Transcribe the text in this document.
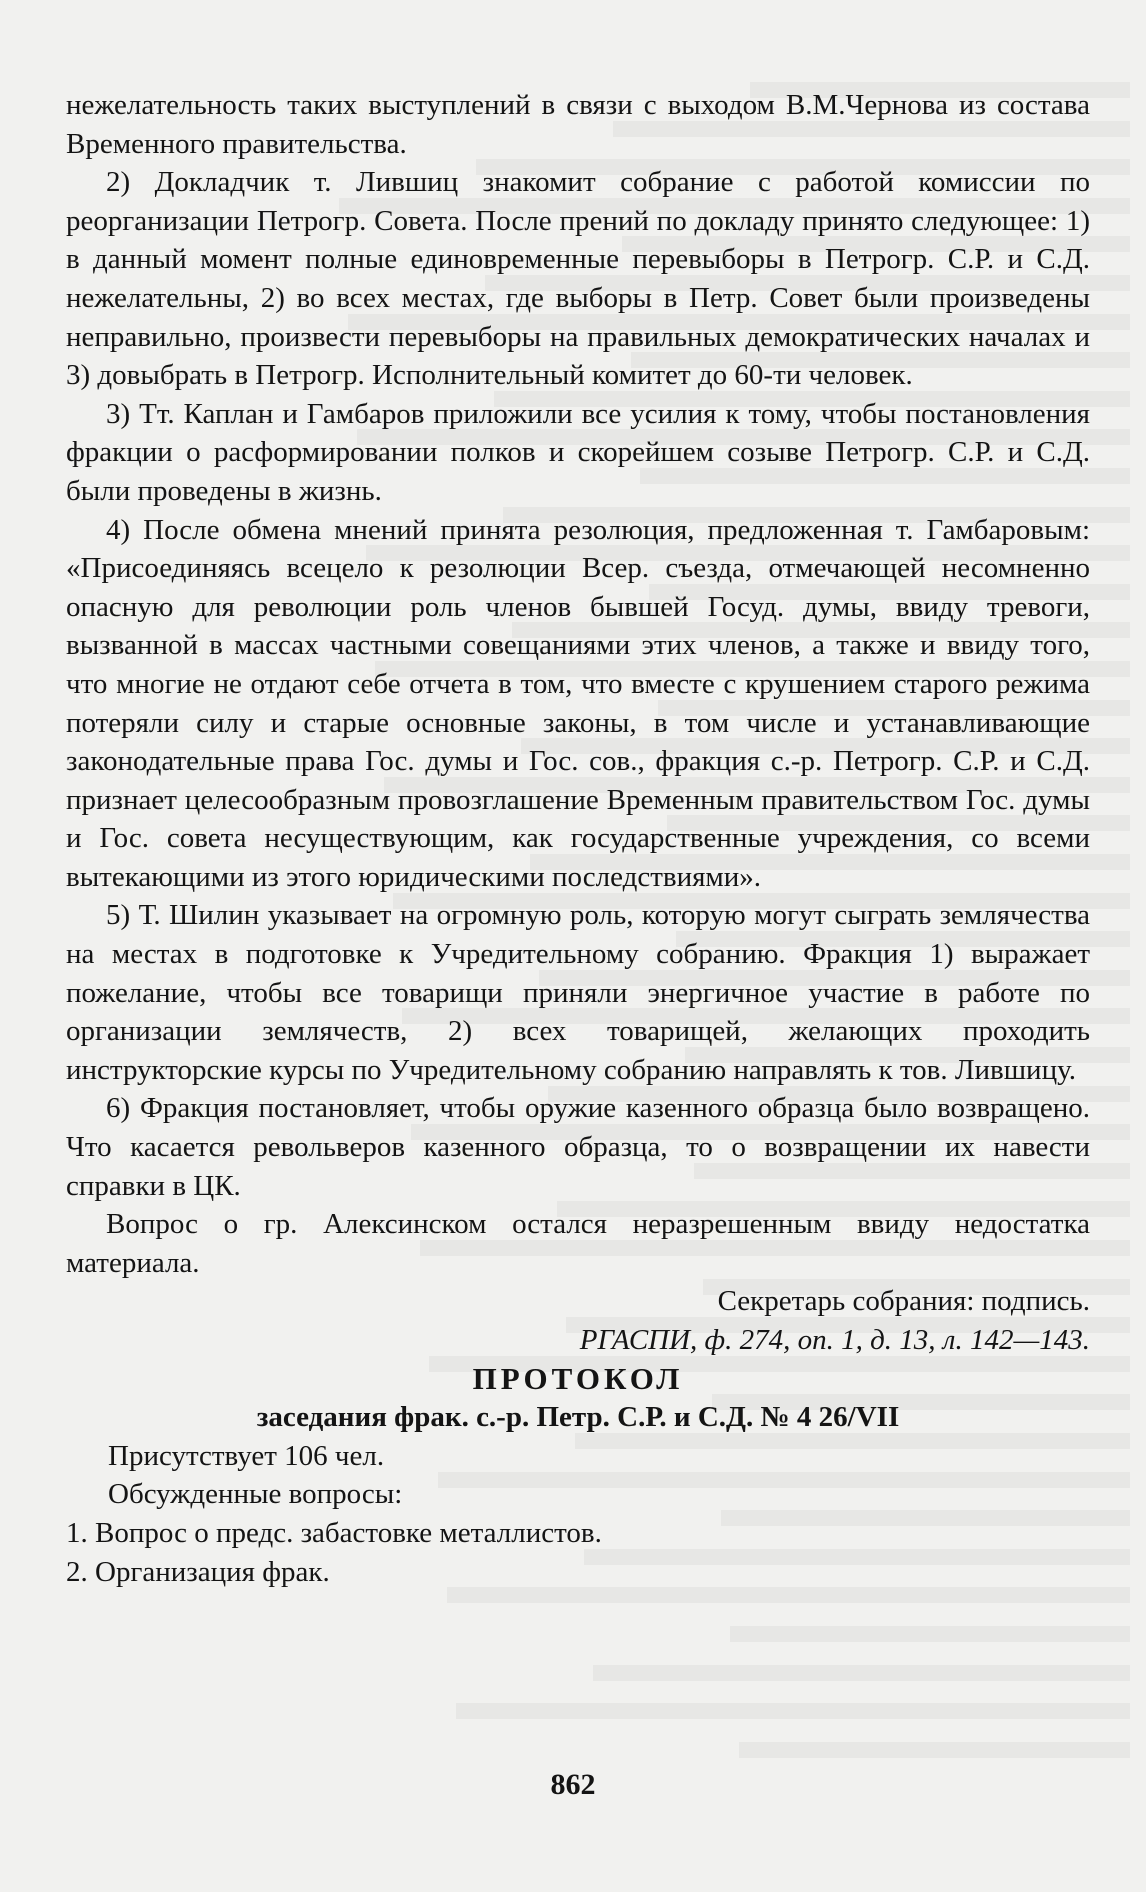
нежелательность таких выступлений в связи с выходом В.М.Чернова из состава Временного правительства.

2) Докладчик т. Лившиц знакомит собрание с работой комиссии по реорганизации Петрогр. Совета. После прений по докладу принято следующее: 1) в данный момент полные единовременные перевыборы в Петрогр. С.Р. и С.Д. нежелательны, 2) во всех местах, где выборы в Петр. Совет были произведены неправильно, произвести перевыборы на правильных демократических началах и 3) довыбрать в Петрогр. Исполнительный комитет до 60-ти человек.

3) Тт. Каплан и Гамбаров приложили все усилия к тому, чтобы постановления фракции о расформировании полков и скорейшем созыве Петрогр. С.Р. и С.Д. были проведены в жизнь.

4) После обмена мнений принята резолюция, предложенная т. Гамбаровым: «Присоединяясь всецело к резолюции Всер. съезда, отмечающей несомненно опасную для революции роль членов бывшей Госуд. думы, ввиду тревоги, вызванной в массах частными совещаниями этих членов, а также и ввиду того, что многие не отдают себе отчета в том, что вместе с крушением старого режима потеряли силу и старые основные законы, в том числе и устанавливающие законодательные права Гос. думы и Гос. сов., фракция с.-р. Петрогр. С.Р. и С.Д. признает целесообразным провозглашение Временным правительством Гос. думы и Гос. совета несуществующим, как государственные учреждения, со всеми вытекающими из этого юридическими последствиями».

5) Т. Шилин указывает на огромную роль, которую могут сыграть землячества на местах в подготовке к Учредительному собранию. Фракция 1) выражает пожелание, чтобы все товарищи приняли энергичное участие в работе по организации землячеств, 2) всех товарищей, желающих проходить инструкторские курсы по Учредительному собранию направлять к тов. Лившицу.

6) Фракция постановляет, чтобы оружие казенного образца было возвращено. Что касается револьверов казенного образца, то о возвращении их навести справки в ЦК.

Вопрос о гр. Алексинском остался неразрешенным ввиду недостатка материала.

Секретарь собрания: подпись.

РГАСПИ, ф. 274, оп. 1, д. 13, л. 142—143.

ПРОТОКОЛ

заседания фрак. с.-р. Петр. С.Р. и С.Д. № 4 26/VII

Присутствует 106 чел.

Обсужденные вопросы:

1. Вопрос о предс. забастовке металлистов.

2. Организация фрак.

862
